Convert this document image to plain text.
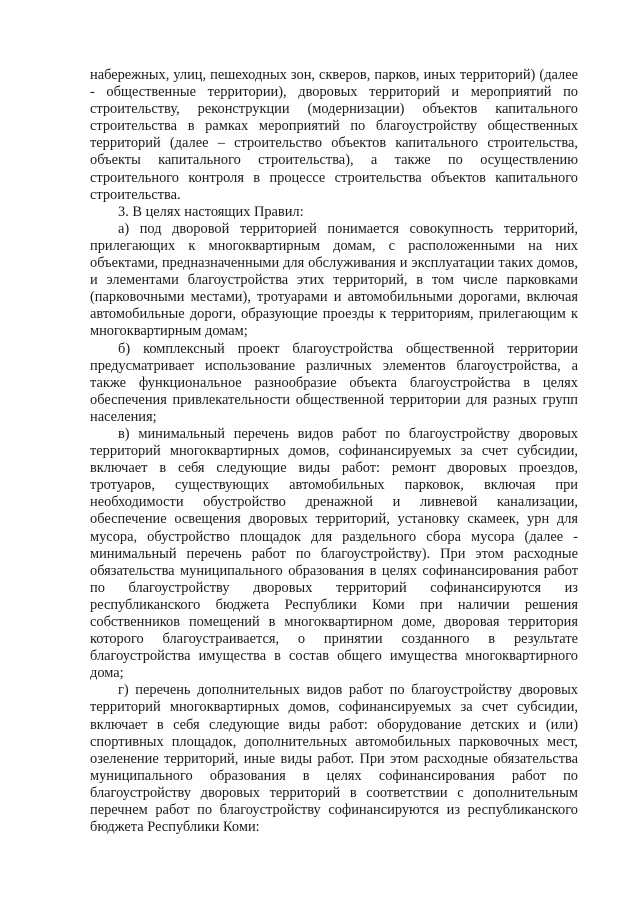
набережных, улиц, пешеходных зон, скверов, парков, иных территорий) (далее - общественные территории), дворовых территорий и мероприятий по строительству, реконструкции (модернизации) объектов капитального строительства в рамках мероприятий по благоустройству общественных территорий (далее – строительство объектов капитального строительства, объекты капитального строительства), а также по осуществлению строительного контроля в процессе строительства объектов капитального строительства.

3. В целях настоящих Правил:

а) под дворовой территорией понимается совокупность территорий, прилегающих к многоквартирным домам, с расположенными на них объектами, предназначенными для обслуживания и эксплуатации таких домов, и элементами благоустройства этих территорий, в том числе парковками (парковочными местами), тротуарами и автомобильными дорогами, включая автомобильные дороги, образующие проезды к территориям, прилегающим к многоквартирным домам;

б) комплексный проект благоустройства общественной территории предусматривает использование различных элементов благоустройства, а также функциональное разнообразие объекта благоустройства в целях обеспечения привлекательности общественной территории для разных групп населения;

в) минимальный перечень видов работ по благоустройству дворовых территорий многоквартирных домов, софинансируемых за счет субсидии, включает в себя следующие виды работ: ремонт дворовых проездов, тротуаров, существующих автомобильных парковок, включая при необходимости обустройство дренажной и ливневой канализации, обеспечение освещения дворовых территорий, установку скамеек, урн для мусора, обустройство площадок для раздельного сбора мусора (далее - минимальный перечень работ по благоустройству). При этом расходные обязательства муниципального образования в целях софинансирования работ по благоустройству дворовых территорий софинансируются из республиканского бюджета Республики Коми при наличии решения собственников помещений в многоквартирном доме, дворовая территория которого благоустраивается, о принятии созданного в результате благоустройства имущества в состав общего имущества многоквартирного дома;

г) перечень дополнительных видов работ по благоустройству дворовых территорий многоквартирных домов, софинансируемых за счет субсидии, включает в себя следующие виды работ: оборудование детских и (или) спортивных площадок, дополнительных автомобильных парковочных мест, озеленение территорий, иные виды работ. При этом расходные обязательства муниципального образования в целях софинансирования работ по благоустройству дворовых территорий в соответствии с дополнительным перечнем работ по благоустройству софинансируются из республиканского бюджета Республики Коми:
